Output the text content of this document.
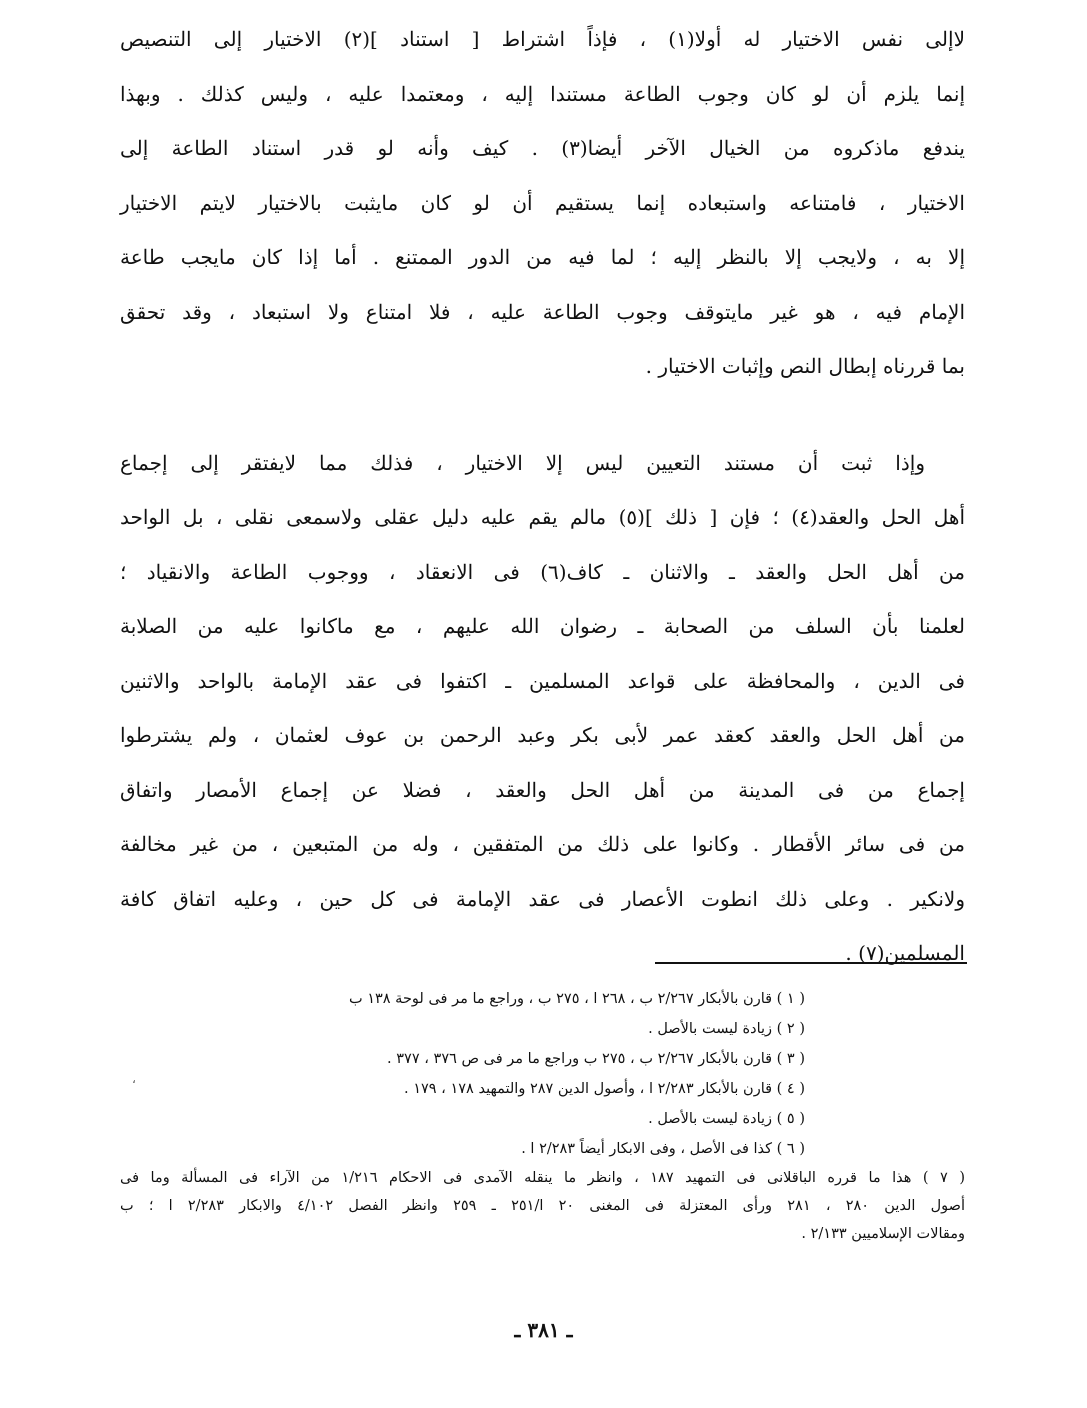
لاإلى نفس الاختيار له أولا(١) ، فإذاً اشتراط [ استناد ](٢) الاختيار إلى التنصيص
إنما يلزم أن لو كان وجوب الطاعة مستندا إليه ، ومعتمدا عليه ، وليس كذلك . وبهذا
يندفع ماذكروه من الخيال الآخر أيضا(٣) . كيف وأنه لو قدر استناد الطاعة إلى
الاختيار ، فامتناعه واستبعاده إنما يستقيم أن لو كان مايثبت بالاختيار لايتم الاختيار
إلا به ، ولايجب إلا بالنظر إليه ؛ لما فيه من الدور الممتنع . أما إذا كان مايجب طاعة
الإمام فيه ، هو غير مايتوقف وجوب الطاعة عليه ، فلا امتناع ولا استبعاد ، وقد تحقق
بما قررناه إبطال النص وإثبات الاختيار .
وإذا ثبت أن مستند التعيين ليس إلا الاختيار ، فذلك مما لايفتقر إلى إجماع
أهل الحل والعقد(٤) ؛ فإن [ ذلك ](٥) مالم يقم عليه دليل عقلى ولاسمعى نقلى ، بل الواحد
من أهل الحل والعقد ـ والاثنان ـ كاف(٦) فى الانعقاد ، ووجوب الطاعة والانقياد ؛
لعلمنا بأن السلف من الصحابة ـ رضوان الله عليهم ، مع ماكانوا عليه من الصلابة
فى الدين ، والمحافظة على قواعد المسلمين ـ اكتفوا فى عقد الإمامة بالواحد والاثنين
من أهل الحل والعقد كعقد عمر لأبى بكر وعبد الرحمن بن عوف لعثمان ، ولم يشترطوا
إجماع من فى المدينة من أهل الحل والعقد ، فضلا عن إجماع الأمصار واتفاق
من فى سائر الأقطار . وكانوا على ذلك من المتفقين ، وله من المتبعين ، من غير مخالفة
ولانكير . وعلى ذلك انطوت الأعصار فى عقد الإمامة فى كل حين ، وعليه اتفاق كافة
المسلمين(٧) .
( ١ ) قارن بالأبكار ٢/٢٦٧ ب ، ٢٦٨ ا ، ٢٧٥ ب ، وراجع ما مر فى لوحة ١٣٨ ب
( ٢ ) زيادة ليست بالأصل .
( ٣ ) قارن بالأبكار ٢/٢٦٧ ب ، ٢٧٥ ب وراجع ما مر فى ص ٣٧٦ ، ٣٧٧ .
( ٤ ) قارن بالأبكار ٢/٢٨٣ ا ، وأصول الدين ٢٨٧ والتمهيد ١٧٨ ، ١٧٩ .
( ٥ ) زيادة ليست بالأصل .
( ٦ ) كذا فى الأصل ، وفى الابكار أيضاً ٢/٢٨٣ ا .
( ٧ ) هذا ما قرره الباقلانى فى التمهيد ١٨٧ ، وانظر ما ينقله الآمدى فى الاحكام ١/٢١٦ من الآراء فى المسألة وما فى
أصول الدين ٢٨٠ ، ٢٨١ ورأى المعتزلة فى المغنى ٢٠ ا/٢٥١ ـ ٢٥٩ وانظر الفصل ٤/١٠٢ والابكار ٢/٢٨٣ ا ؛ ب
ومقالات الإسلاميين ٢/١٣٣ .
،
ـ ٣٨١ ـ
